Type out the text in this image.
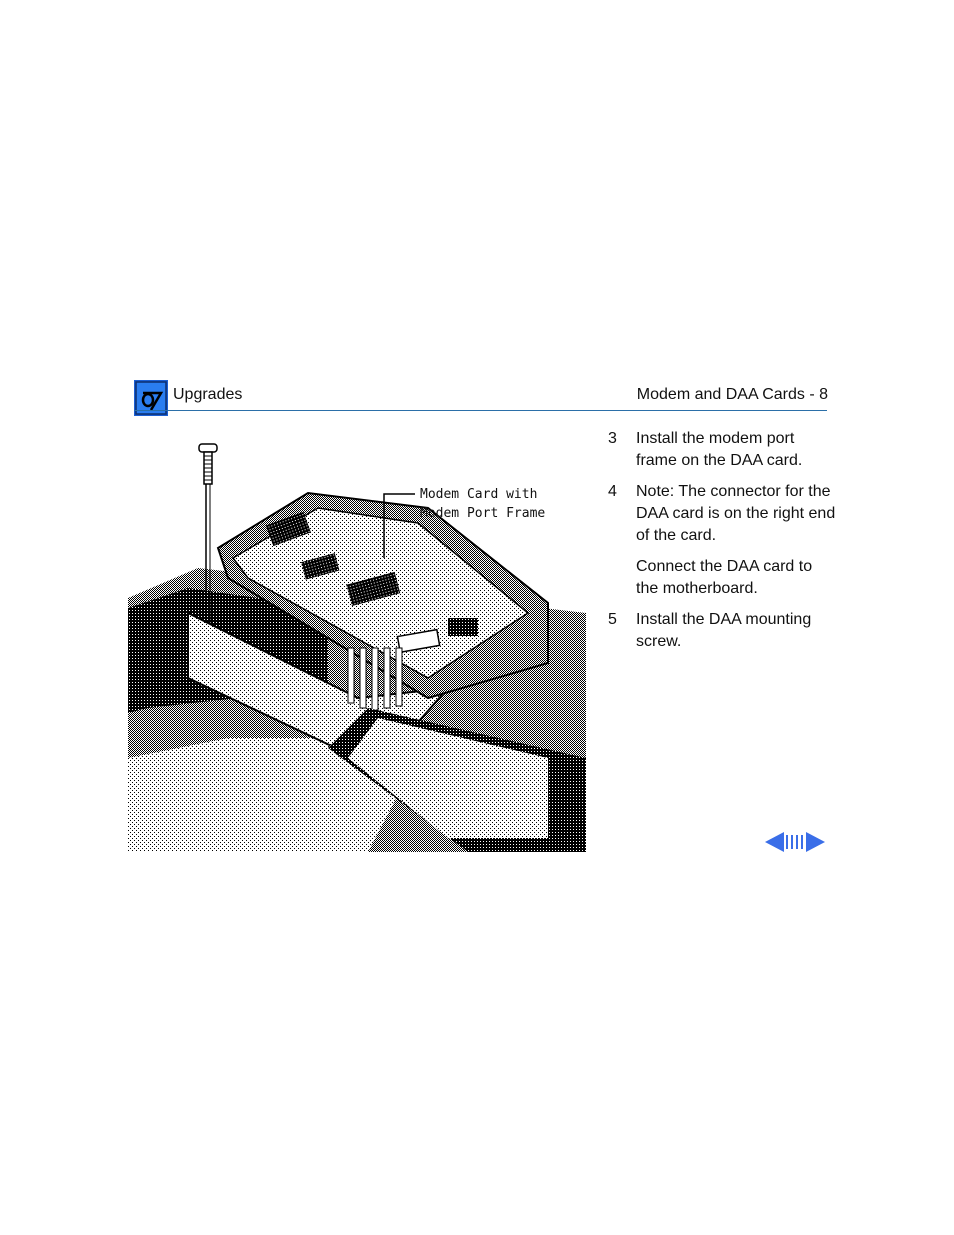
Upgrades	Modem and DAA Cards - 8
Modem Card with
Modem Port Frame
3	Install the modem port frame on the DAA card.

4	Note: The connector for the DAA card is on the right end of the card.

Connect the DAA card to the motherboard.

5	Install the DAA mounting screw.
